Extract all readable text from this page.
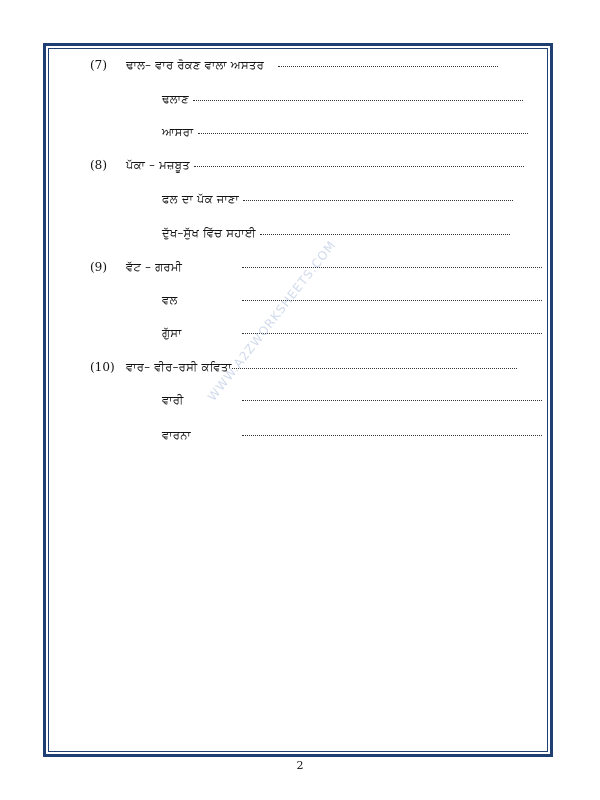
(7)	ਢਾਲ– ਵਾਰ ਰੋਕਣ ਵਾਲਾ ਅਸਤਰ
ਢਲਾਣ
ਆਸਰਾ
(8)	ਪੱਕਾ – ਮਜ਼ਬੂਤ
ਫਲ ਦਾ ਪੱਕ ਜਾਣਾ
ਦੁੱਖ–ਸੁੱਖ ਵਿੱਚ ਸਹਾਈ
(9)	ਵੱਟ – ਗਰਮੀ
ਵਲ
ਗੁੱਸਾ
(10) ਵਾਰ– ਵੀਰ–ਰਸੀ ਕਵਿਤਾ
ਵਾਰੀ
ਵਾਰਨਾ
WWW.A2ZWORKSHEETS.COM
2
